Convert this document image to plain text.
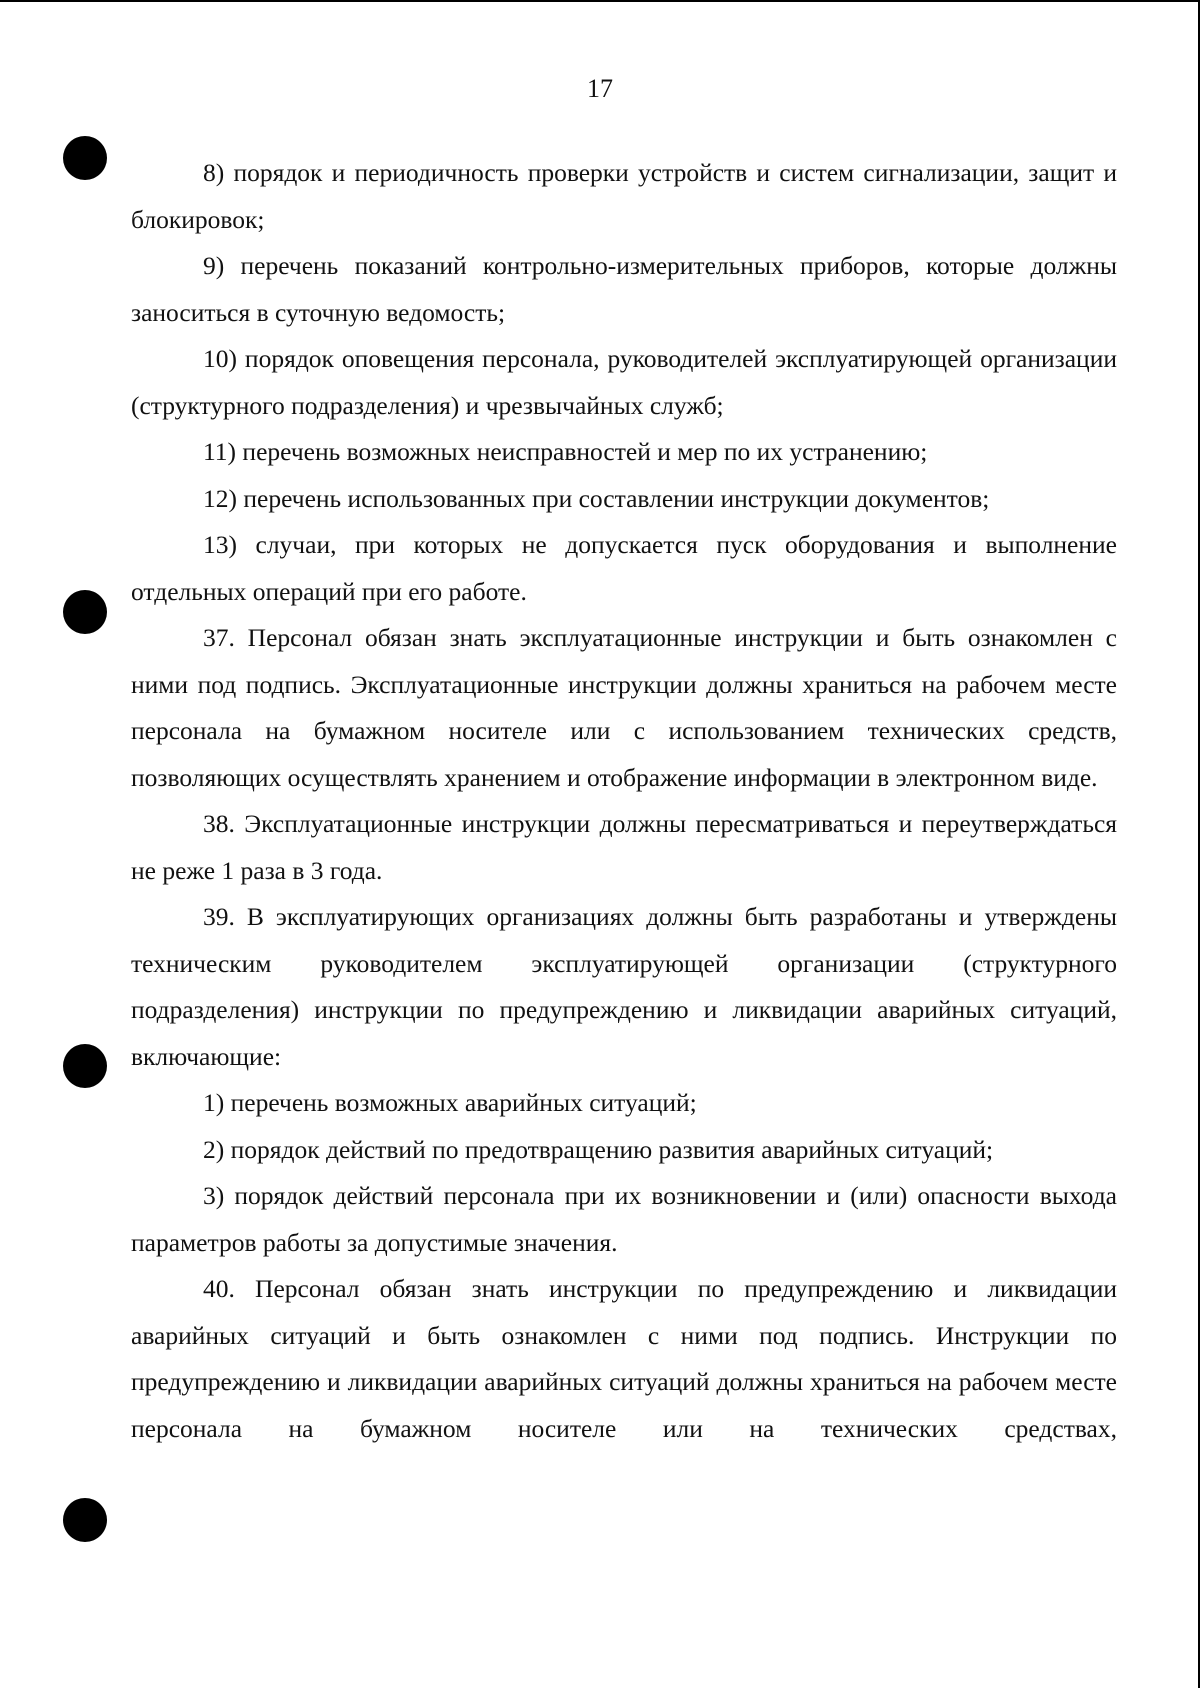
17

8) порядок и периодичность проверки устройств и систем сигнализации, защит и блокировок;

9) перечень показаний контрольно-измерительных приборов, которые должны заноситься в суточную ведомость;

10) порядок оповещения персонала, руководителей эксплуатирующей организации (структурного подразделения) и чрезвычайных служб;

11) перечень возможных неисправностей и мер по их устранению;

12) перечень использованных при составлении инструкции документов;

13) случаи, при которых не допускается пуск оборудования и выполнение отдельных операций при его работе.

37. Персонал обязан знать эксплуатационные инструкции и быть ознакомлен с ними под подпись. Эксплуатационные инструкции должны храниться на рабочем месте персонала на бумажном носителе или с использованием технических средств, позволяющих осуществлять хранением и отображение информации в электронном виде.

38. Эксплуатационные инструкции должны пересматриваться и переутверждаться не реже 1 раза в 3 года.

39. В эксплуатирующих организациях должны быть разработаны и утверждены техническим руководителем эксплуатирующей организации (структурного подразделения) инструкции по предупреждению и ликвидации аварийных ситуаций, включающие:

1) перечень возможных аварийных ситуаций;

2) порядок действий по предотвращению развития аварийных ситуаций;

3) порядок действий персонала при их возникновении и (или) опасности выхода параметров работы за допустимые значения.

40. Персонал обязан знать инструкции по предупреждению и ликвидации аварийных ситуаций и быть ознакомлен с ними под подпись. Инструкции по предупреждению и ликвидации аварийных ситуаций должны храниться на рабочем месте персонала на бумажном носителе или на технических средствах,
